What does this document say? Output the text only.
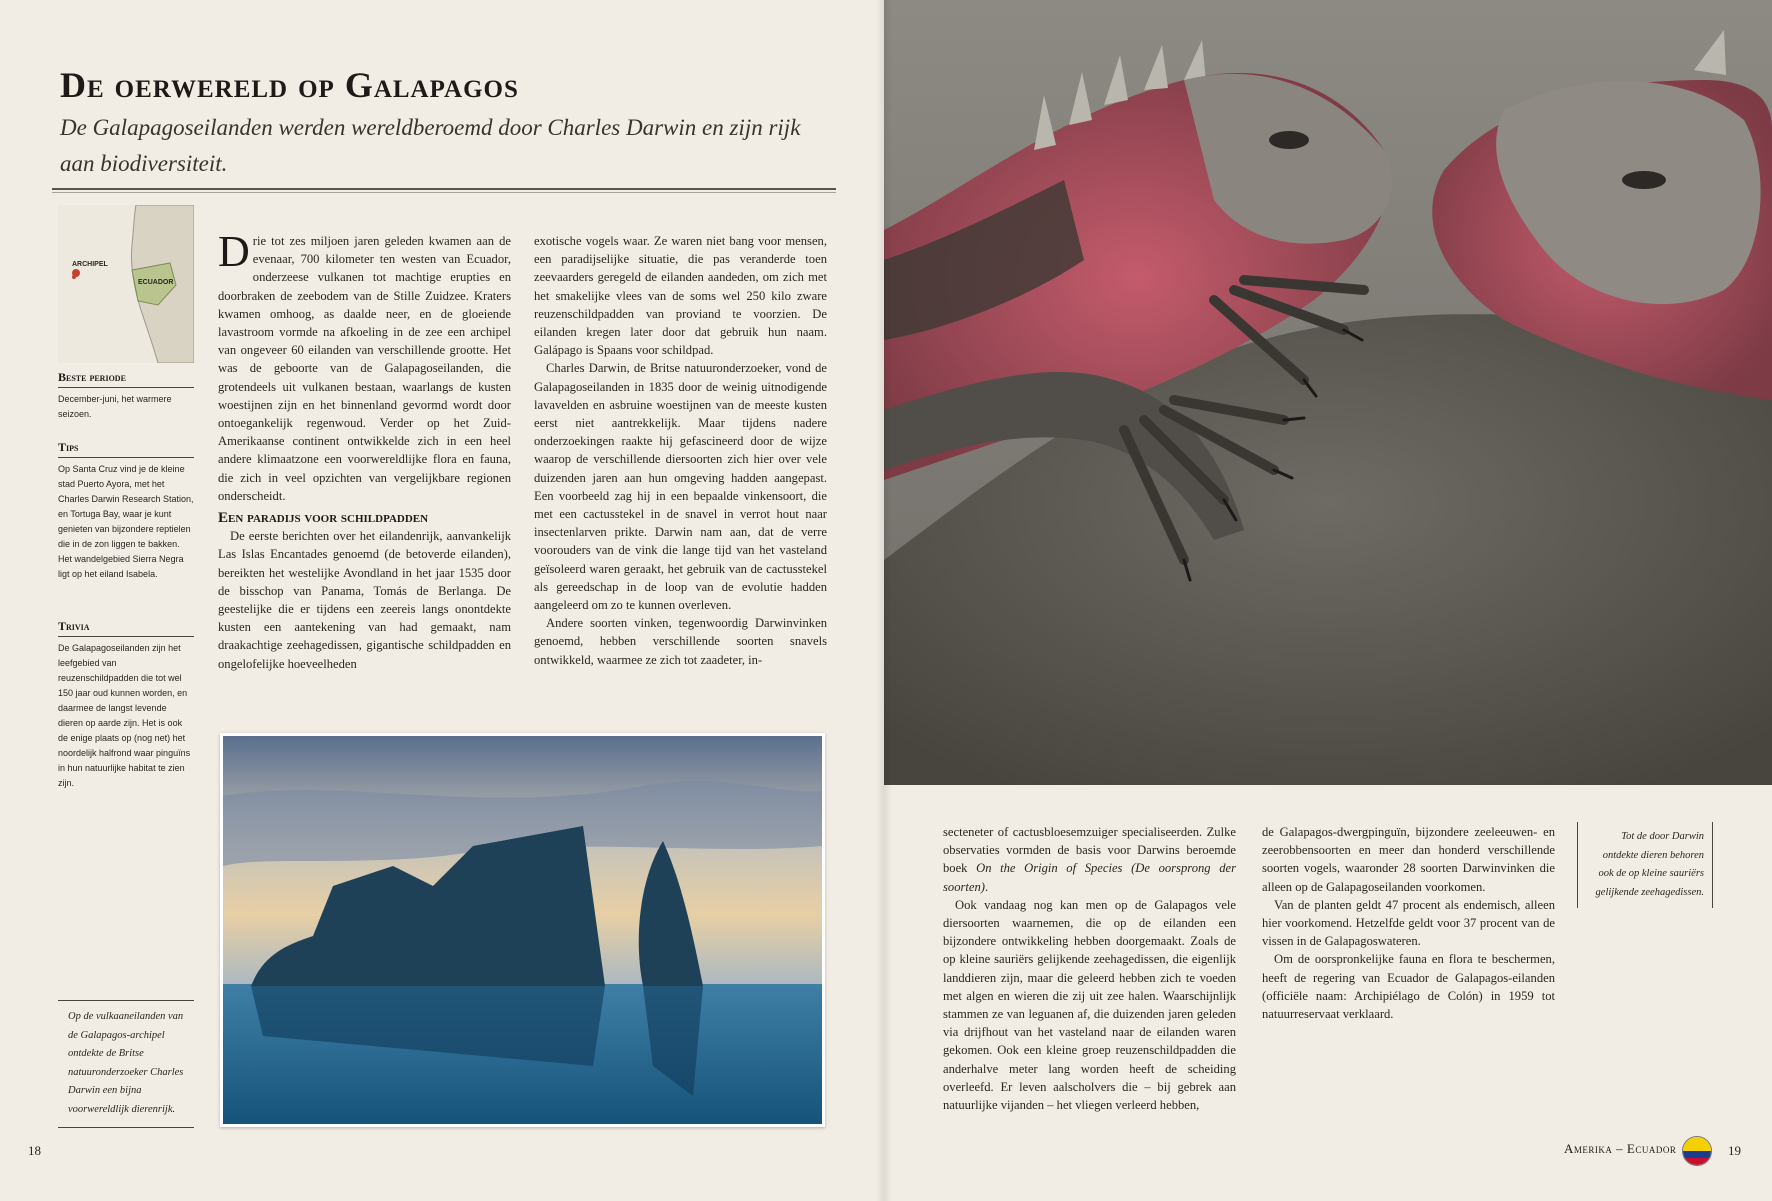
De oerwereld op Galapagos

De Galapagoseilanden werden wereldberoemd door Charles Darwin en zijn rijk aan biodiversiteit.

ARCHIPEL
ECUADOR
Beste periode
December-juni, het warmere seizoen.
Tips
Op Santa Cruz vind je de kleine stad Puerto Ayora, met het Charles Darwin Research Station, en Tortuga Bay, waar je kunt genieten van bijzondere reptielen die in de zon liggen te bakken. Het wandelgebied Sierra Negra ligt op het eiland Isabela.
Trivia
De Galapagoseilanden zijn het leefgebied van reuzenschildpadden die tot wel 150 jaar oud kunnen worden, en daarmee de langst levende dieren op aarde zijn. Het is ook de enige plaats op (nog net) het noordelijk halfrond waar pinguïns in hun natuurlijke habitat te zien zijn.

Drie tot zes miljoen jaren geleden kwamen aan de evenaar, 700 kilometer ten westen van Ecuador, onderzeese vulkanen tot machtige erupties en doorbraken de zeebodem van de Stille Zuidzee. Kraters kwamen omhoog, as daalde neer, en de gloeiende lavastroom vormde na afkoeling in de zee een archipel van ongeveer 60 eilanden van verschillende grootte. Het was de geboorte van de Galapagoseilanden, die grotendeels uit vulkanen bestaan, waarlangs de kusten woestijnen zijn en het binnenland gevormd wordt door ontoegankelijk regenwoud. Verder op het Zuid-Amerikaanse continent ontwikkelde zich in een heel andere klimaatzone een voorwereldlijke flora en fauna, die zich in veel opzichten van vergelijkbare regionen onderscheidt.

Een paradijs voor schildpadden

De eerste berichten over het eilandenrijk, aanvankelijk Las Islas Encantades genoemd (de betoverde eilanden), bereikten het westelijke Avondland in het jaar 1535 door de bisschop van Panama, Tomás de Berlanga. De geestelijke die er tijdens een zeereis langs onontdekte kusten een aantekening van had gemaakt, nam draakachtige zeehagedissen, gigantische schildpadden en ongelofelijke hoeveelheden

exotische vogels waar. Ze waren niet bang voor mensen, een paradijselijke situatie, die pas veranderde toen zeevaarders geregeld de eilanden aandeden, om zich met het smakelijke vlees van de soms wel 250 kilo zware reuzenschildpadden van proviand te voorzien. De eilanden kregen later door dat gebruik hun naam. Galápago is Spaans voor schildpad.

Charles Darwin, de Britse natuuronderzoeker, vond de Galapagoseilanden in 1835 door de weinig uitnodigende lavavelden en asbruine woestijnen van de meeste kusten eerst niet aantrekkelijk. Maar tijdens nadere onderzoekingen raakte hij gefascineerd door de wijze waarop de verschillende diersoorten zich hier over vele duizenden jaren aan hun omgeving hadden aangepast. Een voorbeeld zag hij in een bepaalde vinkensoort, die met een cactusstekel in de snavel in verrot hout naar insectenlarven prikte. Darwin nam aan, dat de verre voorouders van de vink die lange tijd van het vasteland geïsoleerd waren geraakt, het gebruik van de cactusstekel als gereedschap in de loop van de evolutie hadden aangeleerd om zo te kunnen overleven.

Andere soorten vinken, tegenwoordig Darwinvinken genoemd, hebben verschillende soorten snavels ontwikkeld, waarmee ze zich tot zaadeter, in-

Op de vulkaaneilanden van de Galapagos-archipel ontdekte de Britse natuuronderzoeker Charles Darwin een bijna voorwereldlijk dierenrijk.

secteneter of cactusbloesemzuiger specialiseerden. Zulke observaties vormden de basis voor Darwins beroemde boek On the Origin of Species (De oorsprong der soorten).

Ook vandaag nog kan men op de Galapagos vele diersoorten waarnemen, die op de eilanden een bijzondere ontwikkeling hebben doorgemaakt. Zoals de op kleine sauriërs gelijkende zeehagedissen, die eigenlijk landdieren zijn, maar die geleerd hebben zich te voeden met algen en wieren die zij uit zee halen. Waarschijnlijk stammen ze van leguanen af, die duizenden jaren geleden via drijfhout van het vasteland naar de eilanden waren gekomen. Ook een kleine groep reuzenschildpadden die anderhalve meter lang worden heeft de scheiding overleefd. Er leven aalscholvers die – bij gebrek aan natuurlijke vijanden – het vliegen verleerd hebben,

de Galapagos-dwergpinguïn, bijzondere zeeleeuwen- en zeerobbensoorten en meer dan honderd verschillende soorten vogels, waaronder 28 soorten Darwinvinken die alleen op de Galapagoseilanden voorkomen.

Van de planten geldt 47 procent als endemisch, alleen hier voorkomend. Hetzelfde geldt voor 37 procent van de vissen in de Galapagoswateren.

Om de oorspronkelijke fauna en flora te beschermen, heeft de regering van Ecuador de Galapagos-eilanden (officiële naam: Archipiélago de Colón) in 1959 tot natuurreservaat verklaard.

Tot de door Darwin ontdekte dieren behoren ook de op kleine sauriërs gelijkende zeehagedissen.
18	Amerika – Ecuador	19
